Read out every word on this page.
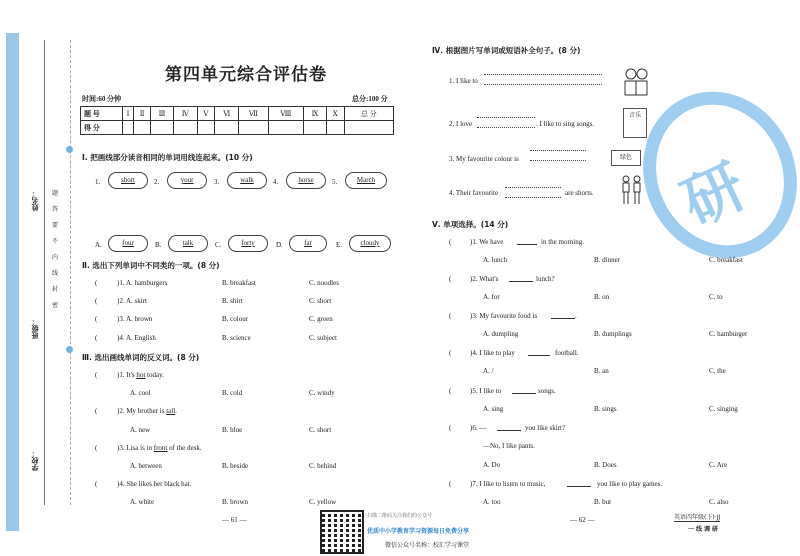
姓名：
班级：
学校：
题
答
要
不
内
线
封
密
第四单元综合评估卷
时间:60 分钟	总分:100 分
题 号	Ⅰ	Ⅱ	Ⅲ	Ⅳ	Ⅴ	Ⅵ	Ⅶ	Ⅷ	Ⅸ	Ⅹ	总 分
得 分											
Ⅰ. 把画线部分读音相同的单词用线连起来。(10 分)
1.	short	2.	your	3.	walk	4.	horse	5.	March
A.	four	B.	talk	C.	forty	D.	far	E.	cloudy
Ⅱ. 选出下列单词中不同类的一项。(8 分)
(	)1. A. hamburgers	B. breakfast	C. noodles
(	)2. A. skirt	B. shirt	C. short
(	)3. A. brown	B. colour	C. green
(	)4. A. English	B. science	C. subject
Ⅲ. 选出画线单词的反义词。(8 分)
(	)1. It's hot today.
A. cool	B. cold	C. windy
(	)2. My brother is tall.
A. new	B. blue	C. short
(	)3. Lisa is in front of the desk.
A. between	B. beside	C. behind
(	)4. She likes her black hat.
A. white	B. brown	C. yellow
— 61 —
研
Ⅳ. 根据图片写单词或短语补全句子。(8 分)
1. I like to
2. I love	. I like to sing songs.
音乐
3. My favourite colour is	绿色
4. Their favourite	are shorts.
Ⅴ. 单项选择。(14 分)
(	)1. We have	in the morning.
A. lunch	B. dinner	C. breakfast
(	)2. What's	lunch?
A. for	B. on	C. to
(	)3. My favourite food is	.
A. dumpling	B. dumplings	C. hamburger
(	)4. I like to play	football.
A. /	B. an	C. the
(	)5. I like to	songs.
A. sing	B. sings	C. singing
(	)6. —	you like skirt?
—No, I like pants.
A. Do	B. Does	C. Are
(	)7. I like to listen to music,	you like to play games.
A. too	B. but	C. also
— 62 —	英语四年级(下)·JJ
一线调研
扫描二维码关注我们的公众号
优质中小学教育学习资源每日免费分享
微信公众号名称：校汇学习课堂
